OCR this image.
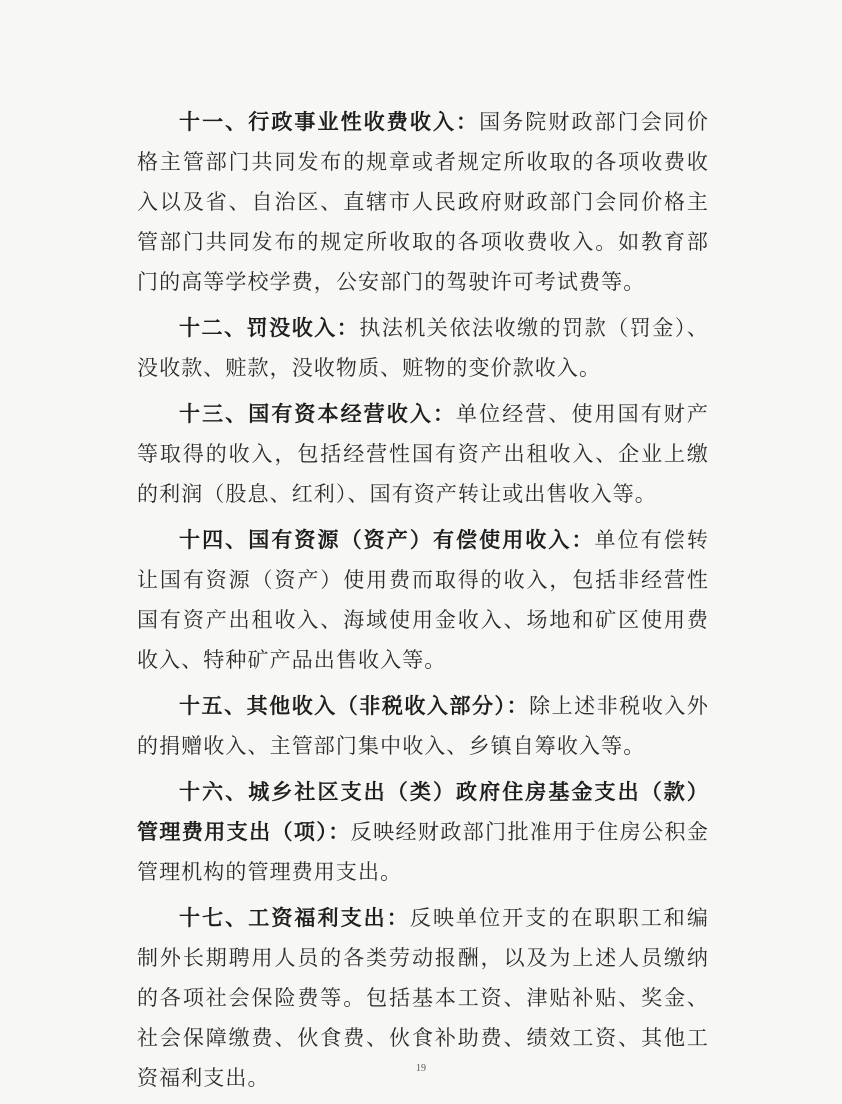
十一、行政事业性收费收入：国务院财政部门会同价格主管部门共同发布的规章或者规定所收取的各项收费收入以及省、自治区、直辖市人民政府财政部门会同价格主管部门共同发布的规定所收取的各项收费收入。如教育部门的高等学校学费，公安部门的驾驶许可考试费等。

十二、罚没收入：执法机关依法收缴的罚款（罚金）、没收款、赃款，没收物质、赃物的变价款收入。

十三、国有资本经营收入：单位经营、使用国有财产等取得的收入，包括经营性国有资产出租收入、企业上缴的利润（股息、红利）、国有资产转让或出售收入等。

十四、国有资源（资产）有偿使用收入：单位有偿转让国有资源（资产）使用费而取得的收入，包括非经营性国有资产出租收入、海域使用金收入、场地和矿区使用费收入、特种矿产品出售收入等。

十五、其他收入（非税收入部分）：除上述非税收入外的捐赠收入、主管部门集中收入、乡镇自筹收入等。

十六、城乡社区支出（类）政府住房基金支出（款）管理费用支出（项）：反映经财政部门批准用于住房公积金管理机构的管理费用支出。

十七、工资福利支出：反映单位开支的在职职工和编制外长期聘用人员的各类劳动报酬，以及为上述人员缴纳的各项社会保险费等。包括基本工资、津贴补贴、奖金、社会保障缴费、伙食费、伙食补助费、绩效工资、其他工资福利支出。	19
